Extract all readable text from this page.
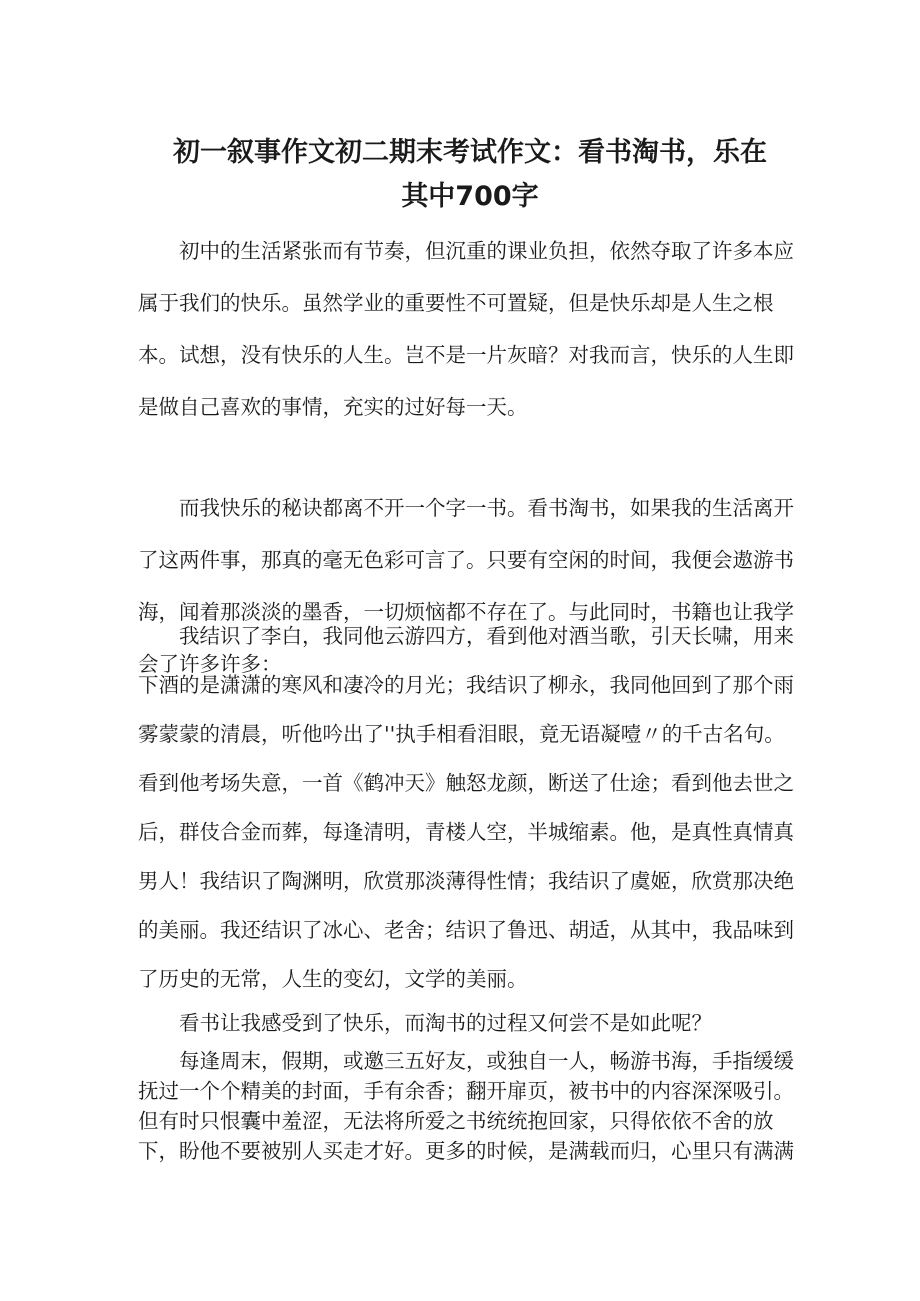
初一叙事作文初二期末考试作文：看书淘书，乐在
其中700字

　　初中的生活紧张而有节奏，但沉重的课业负担，依然夺取了许多本应
属于我们的快乐。虽然学业的重要性不可置疑，但是快乐却是人生之根
本。试想，没有快乐的人生。岂不是一片灰暗？对我而言，快乐的人生即
是做自己喜欢的事情，充实的过好每一天。

　　而我快乐的秘诀都离不开一个字一书。看书淘书，如果我的生活离开
了这两件事，那真的毫无色彩可言了。只要有空闲的时间，我便会遨游书
海，闻着那淡淡的墨香，一切烦恼都不存在了。与此同时，书籍也让我学
会了许多许多：

　　我结识了李白，我同他云游四方，看到他对酒当歌，引天长啸，用来
下酒的是潇潇的寒风和凄冷的月光；我结识了柳永，我同他回到了那个雨
雾蒙蒙的清晨，听他吟出了''执手相看泪眼，竟无语凝噎〃的千古名句。
看到他考场失意，一首《鹤冲天》触怒龙颜，断送了仕途；看到他去世之
后，群伎合金而葬，每逢清明，青楼人空，半城缩素。他，是真性真情真
男人！我结识了陶渊明，欣赏那淡薄得性情；我结识了虞姬，欣赏那决绝
的美丽。我还结识了冰心、老舍；结识了鲁迅、胡适，从其中，我品味到
了历史的无常，人生的变幻，文学的美丽。

　　看书让我感受到了快乐，而淘书的过程又何尝不是如此呢？

　　每逢周末，假期，或邀三五好友，或独自一人，畅游书海，手指缓缓
抚过一个个精美的封面，手有余香；翻开扉页，被书中的内容深深吸引。
但有时只恨囊中羞涩，无法将所爱之书统统抱回家，只得依依不舍的放
下，盼他不要被别人买走才好。更多的时候，是满载而归，心里只有满满
